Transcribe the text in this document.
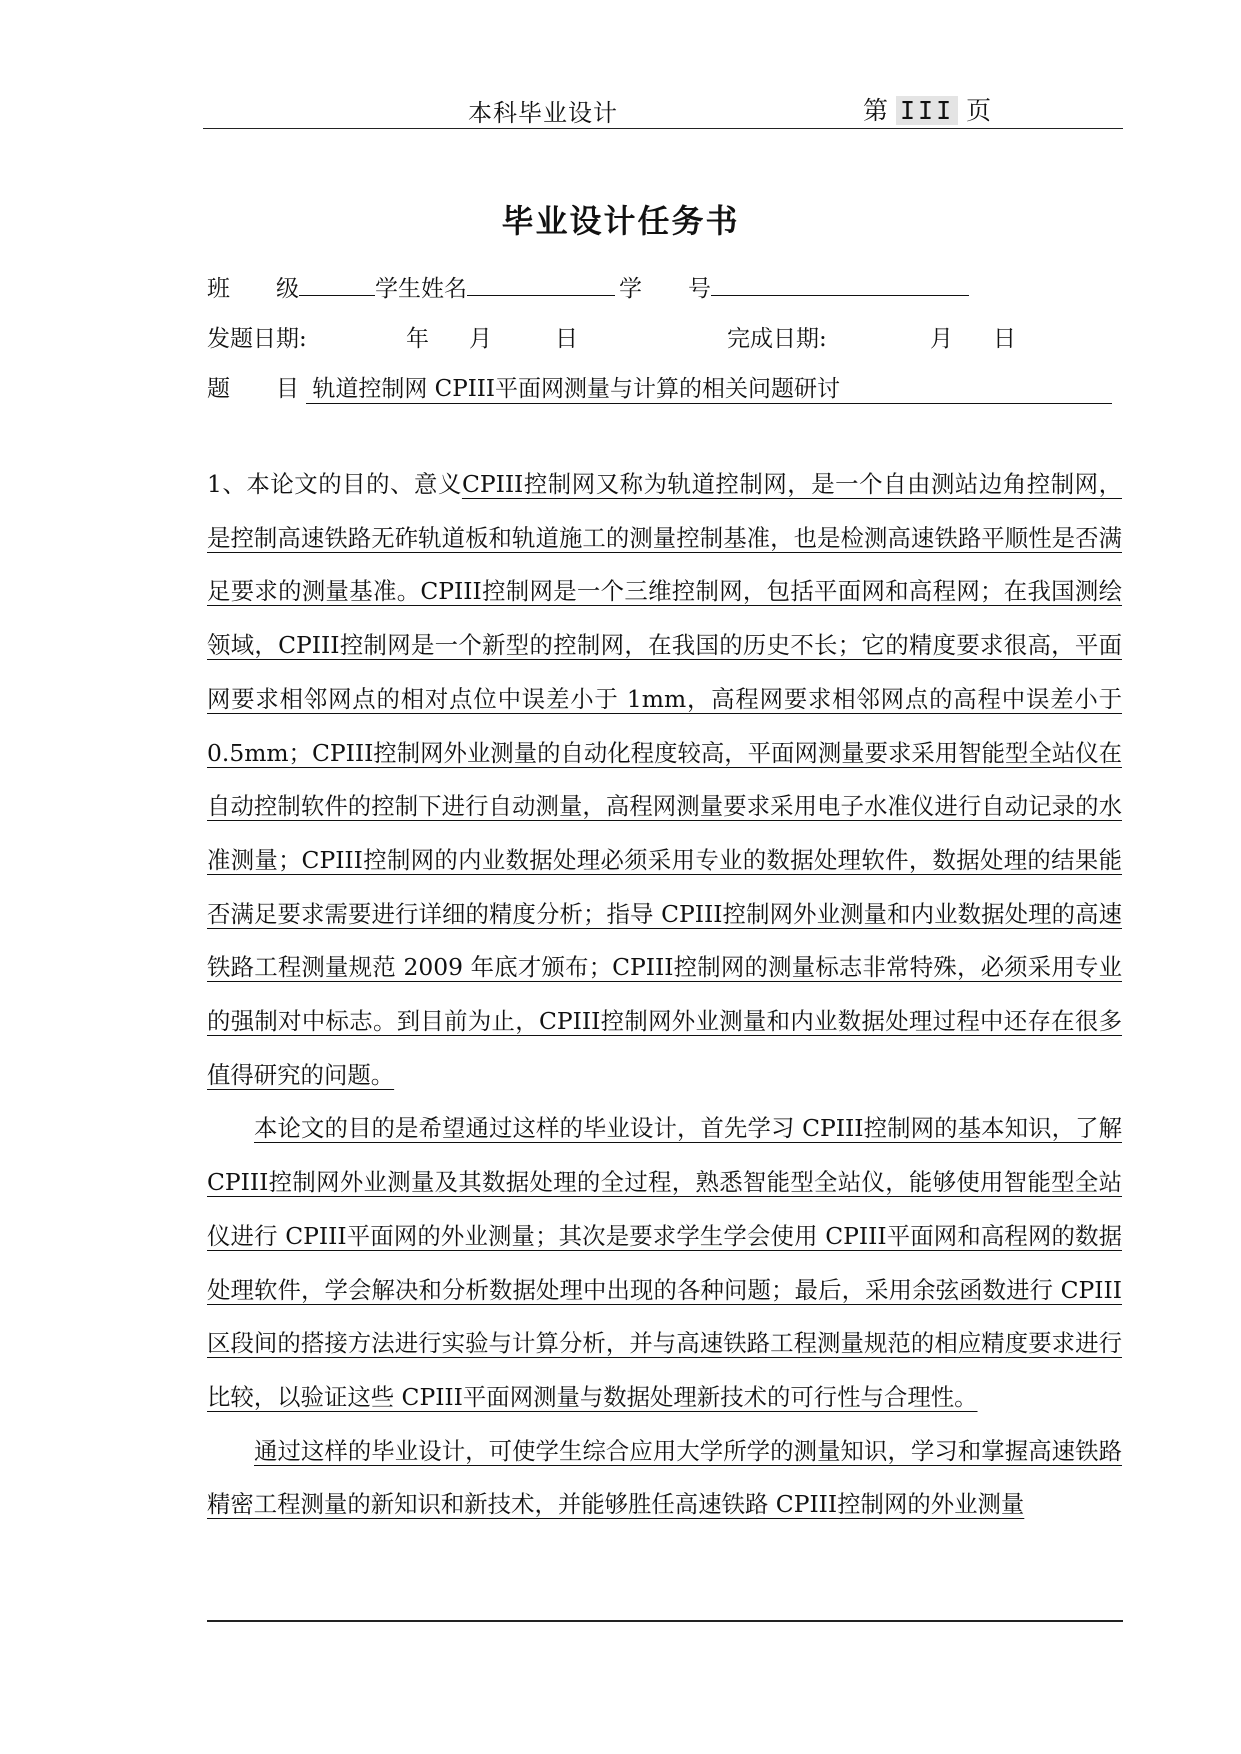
本科毕业设计	第 III 页
毕业设计任务书
班　　级	学生姓名	学　　号
发题日期:	年 月	日	完成日期:	月 日
题　　目 轨道控制网 CPIII平面网测量与计算的相关问题研讨

1、本论文的目的、意义CPIII控制网又称为轨道控制网，是一个自由测站边角控制网，是控制高速铁路无砟轨道板和轨道施工的测量控制基准，也是检测高速铁路平顺性是否满足要求的测量基准。CPIII控制网是一个三维控制网，包括平面网和高程网；在我国测绘领域，CPIII控制网是一个新型的控制网，在我国的历史不长；它的精度要求很高，平面网要求相邻网点的相对点位中误差小于 1mm，高程网要求相邻网点的高程中误差小于 0.5mm；CPIII控制网外业测量的自动化程度较高，平面网测量要求采用智能型全站仪在自动控制软件的控制下进行自动测量，高程网测量要求采用电子水准仪进行自动记录的水准测量；CPIII控制网的内业数据处理必须采用专业的数据处理软件，数据处理的结果能否满足要求需要进行详细的精度分析；指导 CPIII控制网外业测量和内业数据处理的高速铁路工程测量规范 2009 年底才颁布；CPIII控制网的测量标志非常特殊，必须采用专业的强制对中标志。到目前为止，CPIII控制网外业测量和内业数据处理过程中还存在很多值得研究的问题。

本论文的目的是希望通过这样的毕业设计，首先学习 CPIII控制网的基本知识，了解 CPIII控制网外业测量及其数据处理的全过程，熟悉智能型全站仪，能够使用智能型全站仪进行 CPIII平面网的外业测量；其次是要求学生学会使用 CPIII平面网和高程网的数据处理软件，学会解决和分析数据处理中出现的各种问题；最后，采用余弦函数进行 CPIII区段间的搭接方法进行实验与计算分析，并与高速铁路工程测量规范的相应精度要求进行比较，以验证这些 CPIII平面网测量与数据处理新技术的可行性与合理性。

通过这样的毕业设计，可使学生综合应用大学所学的测量知识，学习和掌握高速铁路精密工程测量的新知识和新技术，并能够胜任高速铁路 CPIII控制网的外业测量
